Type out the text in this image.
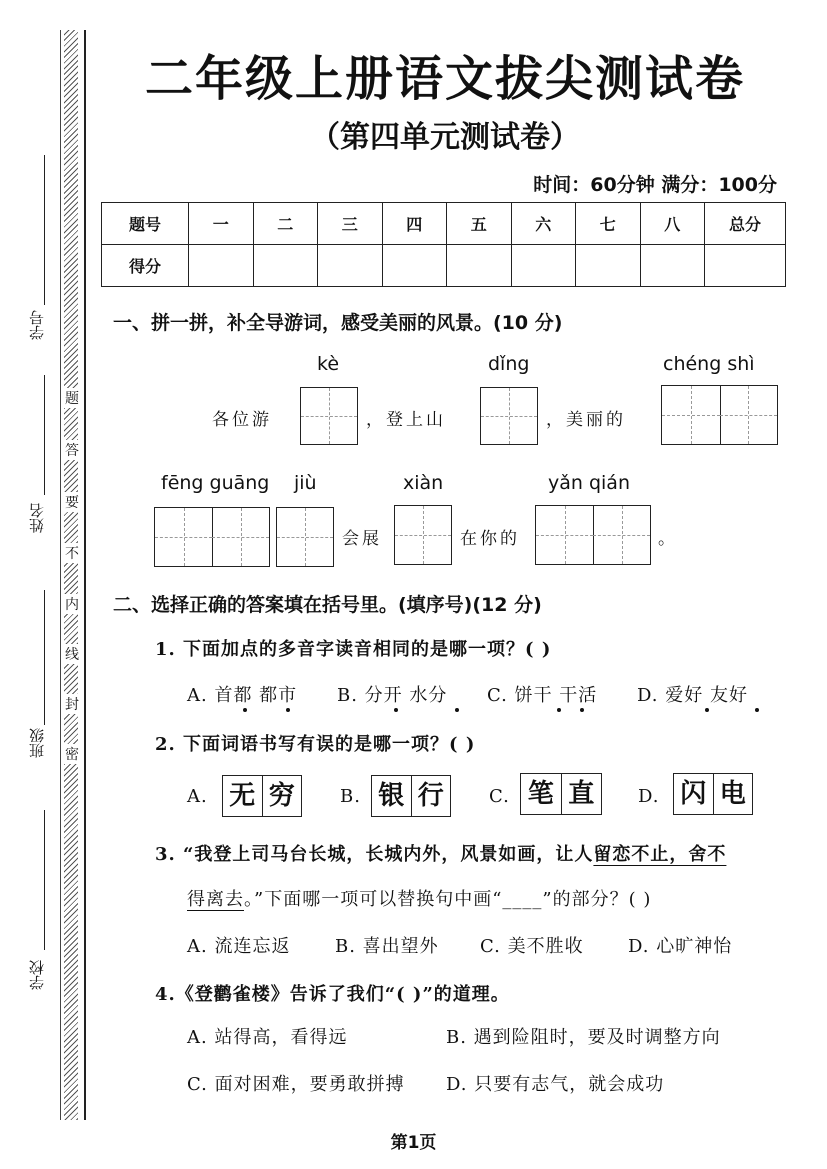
学号
姓名
班级
学校
题
答
要
不
内
线
封
密
二年级上册语文拔尖测试卷
（第四单元测试卷）
时间：60分钟 满分：100分
题号	一	二	三	四	五	六	七	八	总分
得分									
一、拼一拼，补全导游词，感受美丽的风景。(10 分)
kè	dǐng	chéng shì
各位游	，登上山	，美丽的
fēng guāng jiù	xiàn	yǎn qián
会展	在你的	。
二、选择正确的答案填在括号里。(填序号)(12 分)
1. 下面加点的多音字读音相同的是哪一项？( )
A. 首都 都市 B. 分开 水分 C. 饼干 干活 D. 爱好 友好
2. 下面词语书写有误的是哪一项？( )
A. 无 穷	B. 银 行	C. 笔 直	D. 闪 电
3. “我登上司马台长城，长城内外，风景如画，让人留恋不止，舍不
得离去。”下面哪一项可以替换句中画“____”的部分？( )
A. 流连忘返 B. 喜出望外 C. 美不胜收 D. 心旷神怡
4.《登鹳雀楼》告诉了我们“( )”的道理。
A. 站得高，看得远	B. 遇到险阻时，要及时调整方向
C. 面对困难，要勇敢拼搏 D. 只要有志气，就会成功
第1页
